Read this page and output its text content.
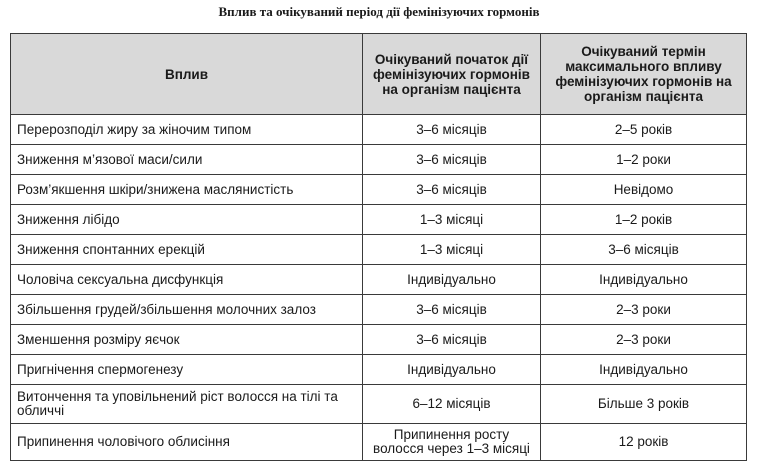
Вплив та очікуваний період дії фемінізуючих гормонів
Вплив	Очікуваний початок дії фемінізуючих гормонів на організм пацієнта	Очікуваний термін максимального впливу фемінізуючих гормонів на організм пацієнта
Перерозподіл жиру за жіночим типом	3–6 місяців	2–5 років
Зниження м’язової маси/сили	3–6 місяців	1–2 роки
Розм’якшення шкіри/знижена маслянистість	3–6 місяців	Невідомо
Зниження лібідо	1–3 місяці	1–2 років
Зниження спонтанних ерекцій	1–3 місяці	3–6 місяців
Чоловіча сексуальна дисфункція	Індивідуально	Індивідуально
Збільшення грудей/збільшення молочних залоз	3–6 місяців	2–3 роки
Зменшення розміру яєчок	3–6 місяців	2–3 роки
Пригнічення спермогенезу	Індивідуально	Індивідуально
Витончення та уповільнений ріст волосся на тілі та обличчі	6–12 місяців	Більше 3 років
Припинення чоловічого облисіння	Припинення росту волосся через 1–3 місяці	12 років
